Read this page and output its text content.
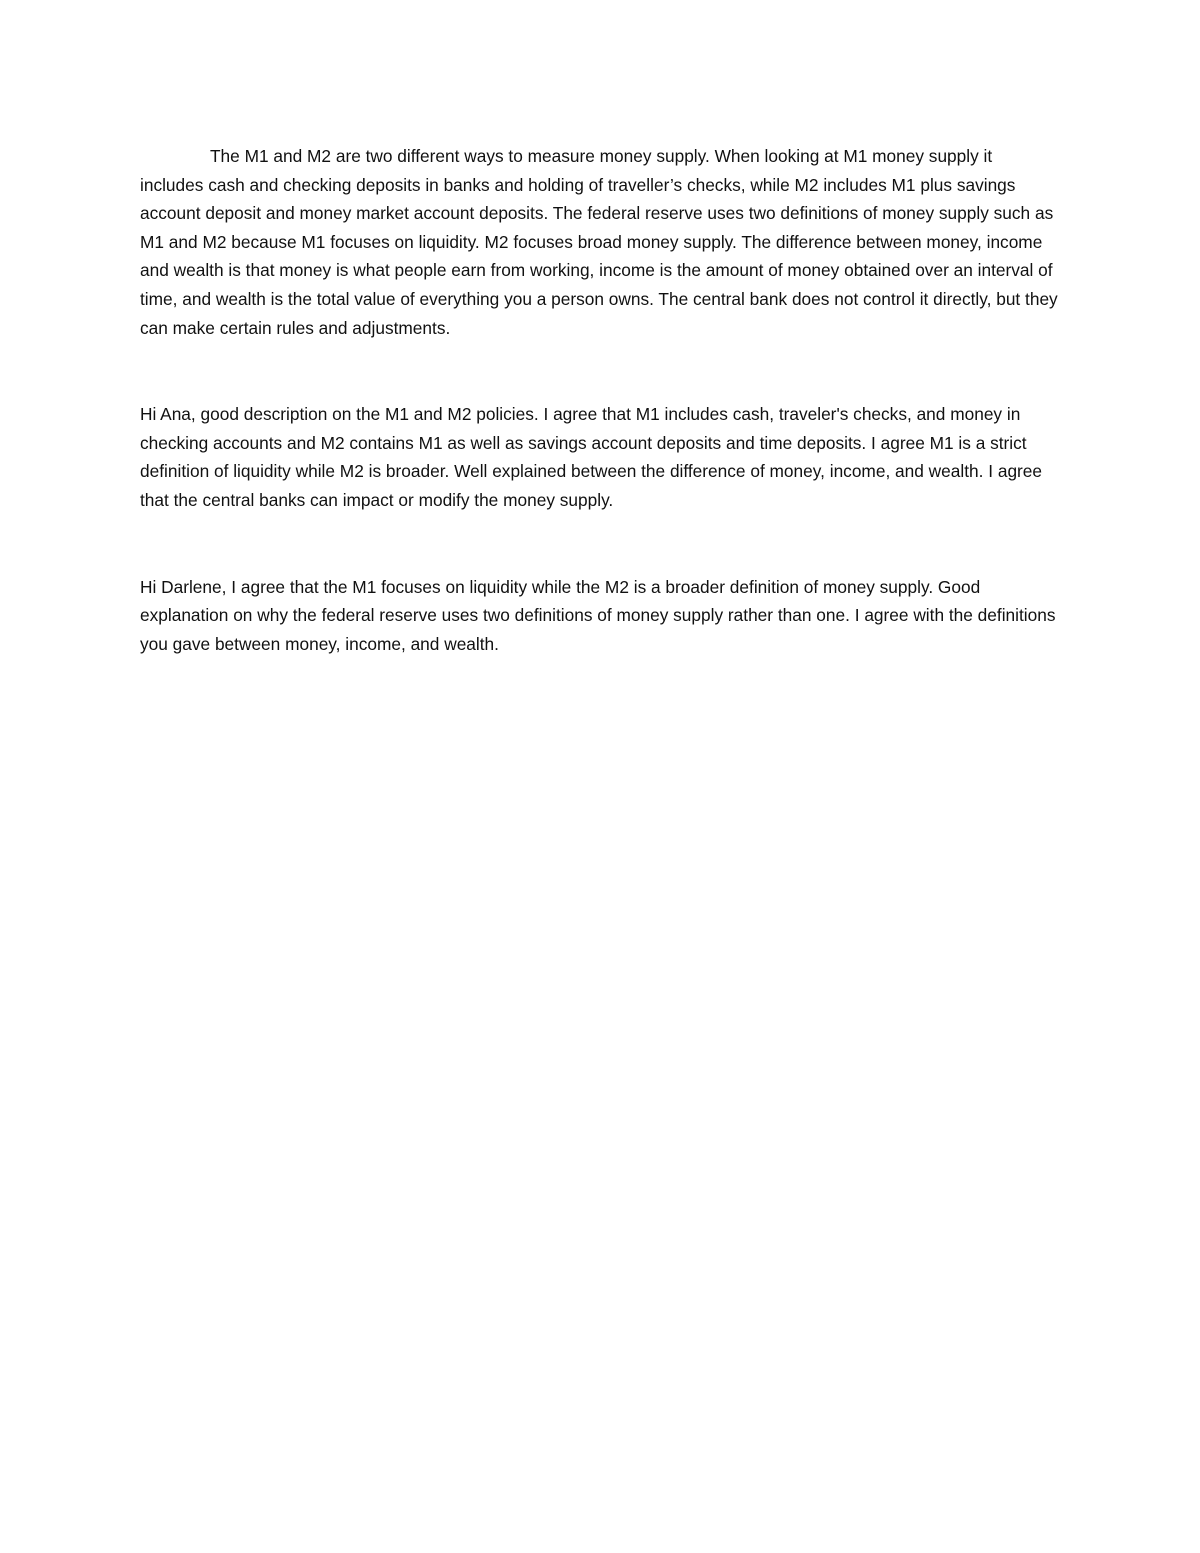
The M1 and M2 are two different ways to measure money supply. When looking at M1 money supply it includes cash and checking deposits in banks and holding of traveller’s checks, while M2 includes M1 plus savings account deposit and money market account deposits. The federal reserve uses two definitions of money supply such as M1 and M2 because M1 focuses on liquidity. M2 focuses broad money supply. The difference between money, income and wealth is that money is what people earn from working, income is the amount of money obtained over an interval of time, and wealth is the total value of everything you a person owns. The central bank does not control it directly, but they can make certain rules and adjustments.

Hi Ana, good description on the M1 and M2 policies. I agree that M1 includes cash, traveler's checks, and money in checking accounts and M2 contains M1 as well as savings account deposits and time deposits. I agree M1 is a strict definition of liquidity while M2 is broader. Well explained between the difference of money, income, and wealth. I agree that the central banks can impact or modify the money supply.

Hi Darlene, I agree that the M1 focuses on liquidity while the M2 is a broader definition of money supply. Good explanation on why the federal reserve uses two definitions of money supply rather than one. I agree with the definitions you gave between money, income, and wealth.
